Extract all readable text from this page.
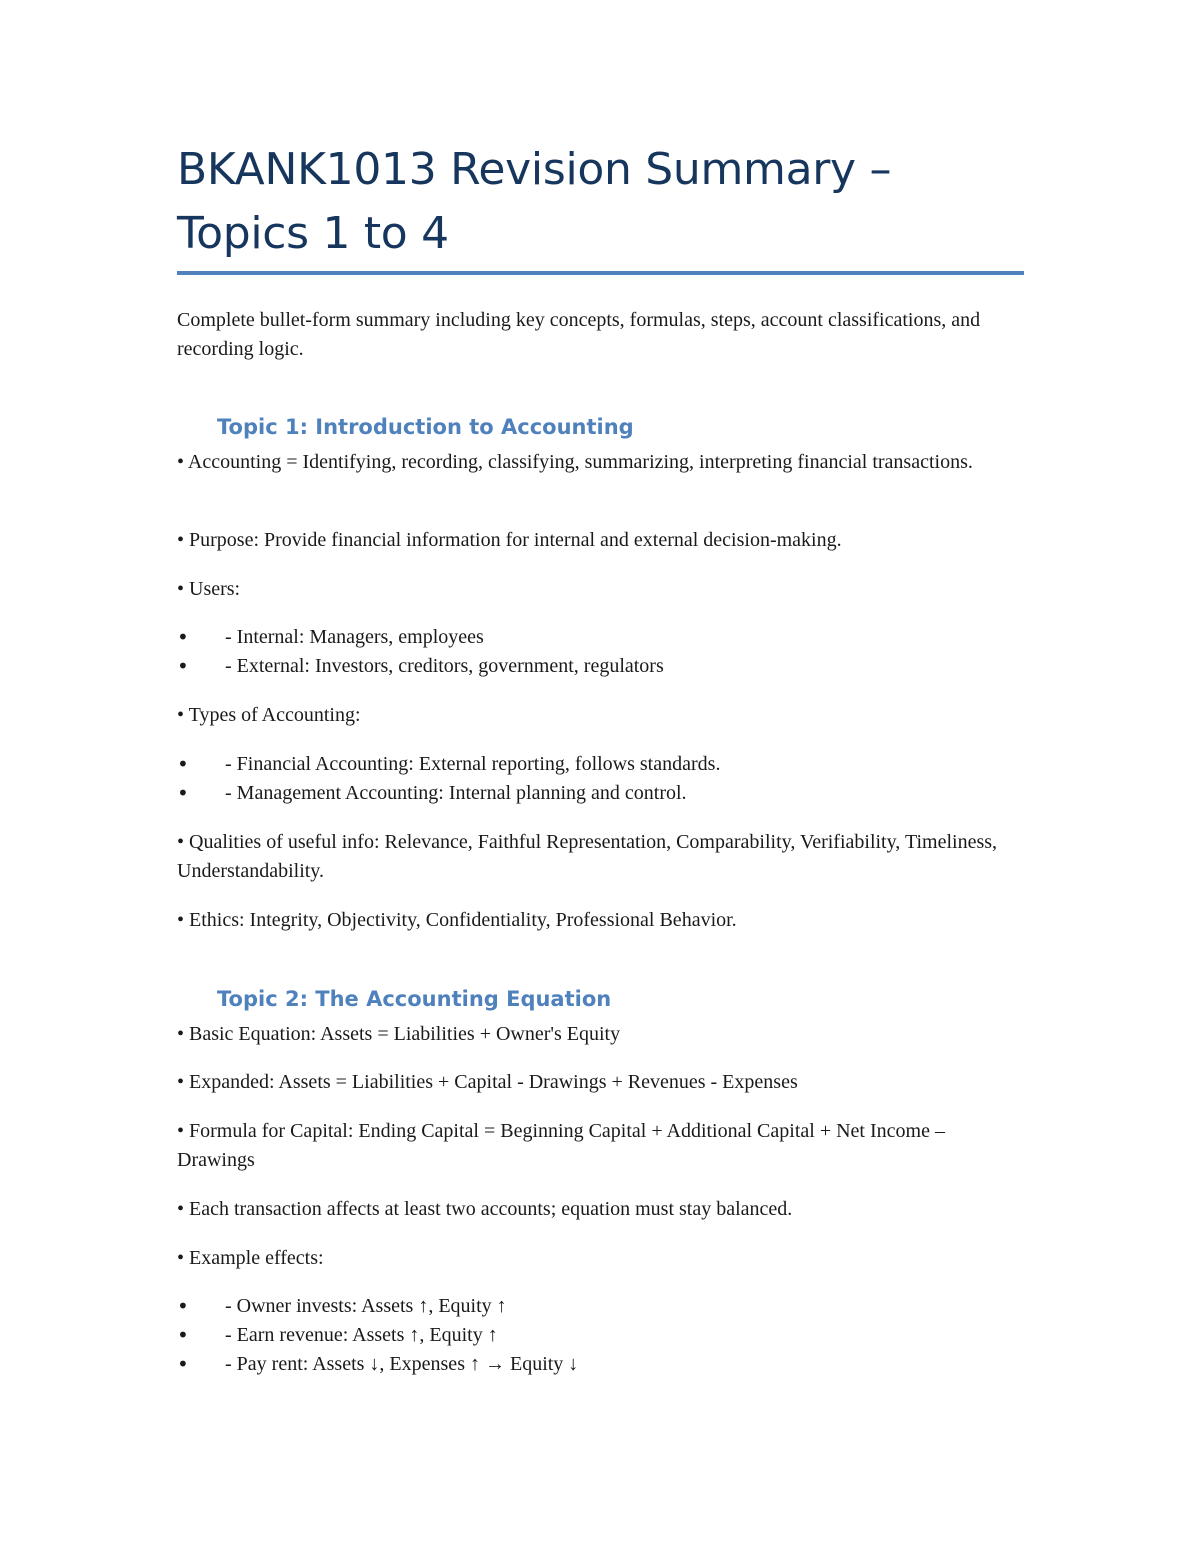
BKANK1013 Revision Summary – Topics 1 to 4

Complete bullet-form summary including key concepts, formulas, steps, account classifications, and recording logic.

Topic 1: Introduction to Accounting

• Accounting = Identifying, recording, classifying, summarizing, interpreting financial transactions.

• Purpose: Provide financial information for internal and external decision-making.

• Users:

• - Internal: Managers, employees
• - External: Investors, creditors, government, regulators

• Types of Accounting:

• - Financial Accounting: External reporting, follows standards.
• - Management Accounting: Internal planning and control.

• Qualities of useful info: Relevance, Faithful Representation, Comparability, Verifiability, Timeliness, Understandability.

• Ethics: Integrity, Objectivity, Confidentiality, Professional Behavior.

Topic 2: The Accounting Equation

• Basic Equation: Assets = Liabilities + Owner's Equity

• Expanded: Assets = Liabilities + Capital - Drawings + Revenues - Expenses

• Formula for Capital: Ending Capital = Beginning Capital + Additional Capital + Net Income – Drawings

• Each transaction affects at least two accounts; equation must stay balanced.

• Example effects:

• - Owner invests: Assets ↑, Equity ↑
• - Earn revenue: Assets ↑, Equity ↑
• - Pay rent: Assets ↓, Expenses ↑ → Equity ↓
